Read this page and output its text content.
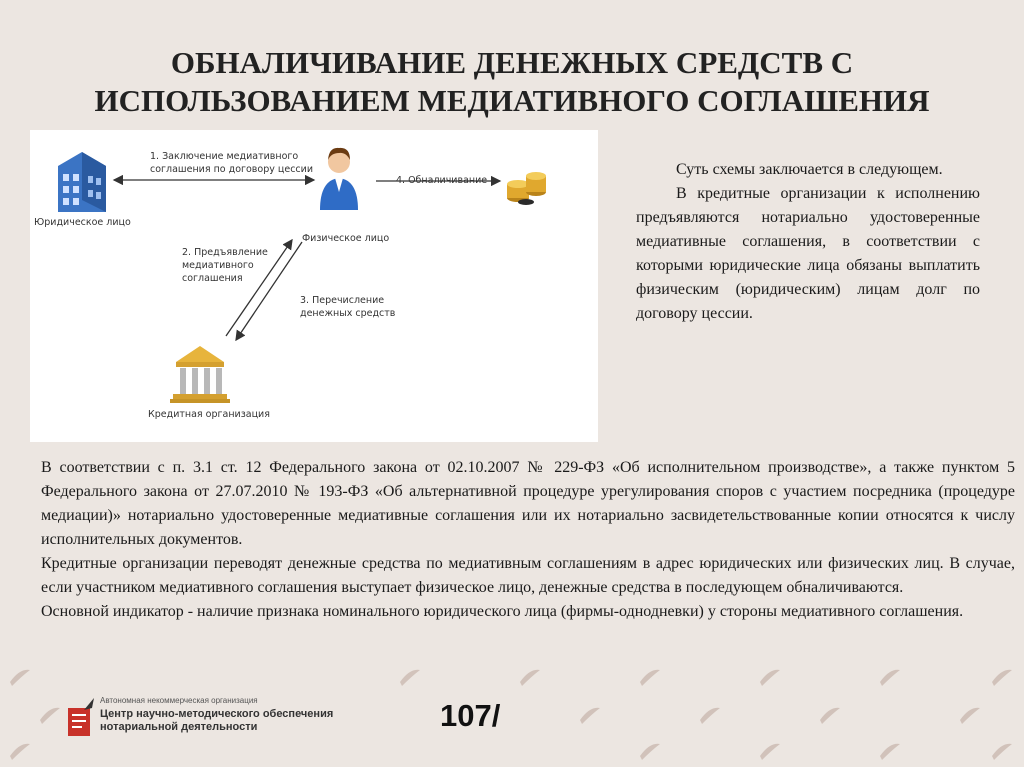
ОБНАЛИЧИВАНИЕ ДЕНЕЖНЫХ СРЕДСТВ С
ИСПОЛЬЗОВАНИЕМ МЕДИАТИВНОГО СОГЛАШЕНИЯ
1. Заключение медиативного
соглашения по договору цессии
4. Обналичивание
Юридическое лицо
Физическое лицо
2. Предъявление
медиативного
соглашения
3. Перечисление
денежных средств
Кредитная организация

Суть схемы заключается в следующем.

В кредитные организации к исполнению предъявляются нотариально удостоверенные медиативные соглашения, в соответствии с которыми юридические лица обязаны выплатить физическим (юридическим) лицам долг по договору цессии.

В соответствии с п. 3.1 ст. 12 Федерального закона от 02.10.2007 № 229-ФЗ «Об исполнительном производстве», а также пунктом 5 Федерального закона от 27.07.2010 № 193-ФЗ «Об альтернативной процедуре урегулирования споров с участием посредника (процедуре медиации)» нотариально удостоверенные медиативные соглашения или их нотариально засвидетельствованные копии относятся к числу исполнительных документов.

Кредитные организации переводят денежные средства по медиативным соглашениям в адрес юридических или физических лиц. В случае, если участником медиативного соглашения выступает физическое лицо, денежные средства в последующем обналичиваются.

Основной индикатор - наличие признака номинального юридического лица (фирмы-однодневки) у стороны медиативного соглашения.

Автономная некоммерческая организация
Центр научно-методического обеспечения
нотариальной деятельности	107/
